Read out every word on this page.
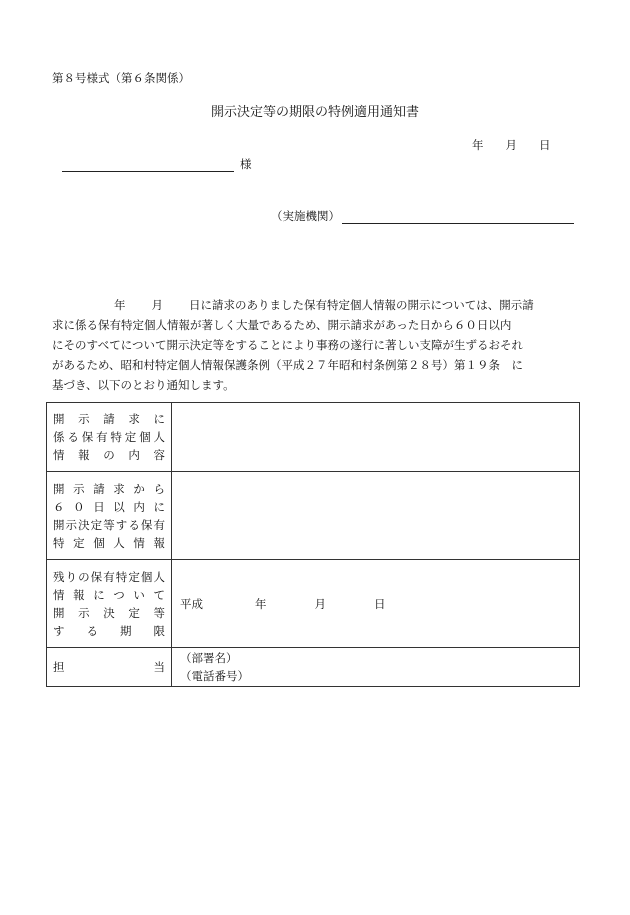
第８号様式（第６条関係）
開示決定等の期限の特例適用通知書
年 月 日
様
（実施機関）

年 月 日に請求のありました保有特定個人情報の開示については、開示請

求に係る保有特定個人情報が著しく大量であるため、開示請求があった日から６０日以内

にそのすべてについて開示決定等をすることにより事務の遂行に著しい支障が生ずるおそれ

があるため、昭和村特定個人情報保護条例（平成２７年昭和村条例第２８号）第１９条　に

基づき、以下のとおり通知します。

開示請求に
係る保有特定個人
情報の内容	

開示請求から
６０日以内に
開示決定等する保有
特定個人情報	

残りの保有特定個人
情報について
開示決定等
する期限	平成 年 月 日

担 当	（部署名）
（電話番号）
